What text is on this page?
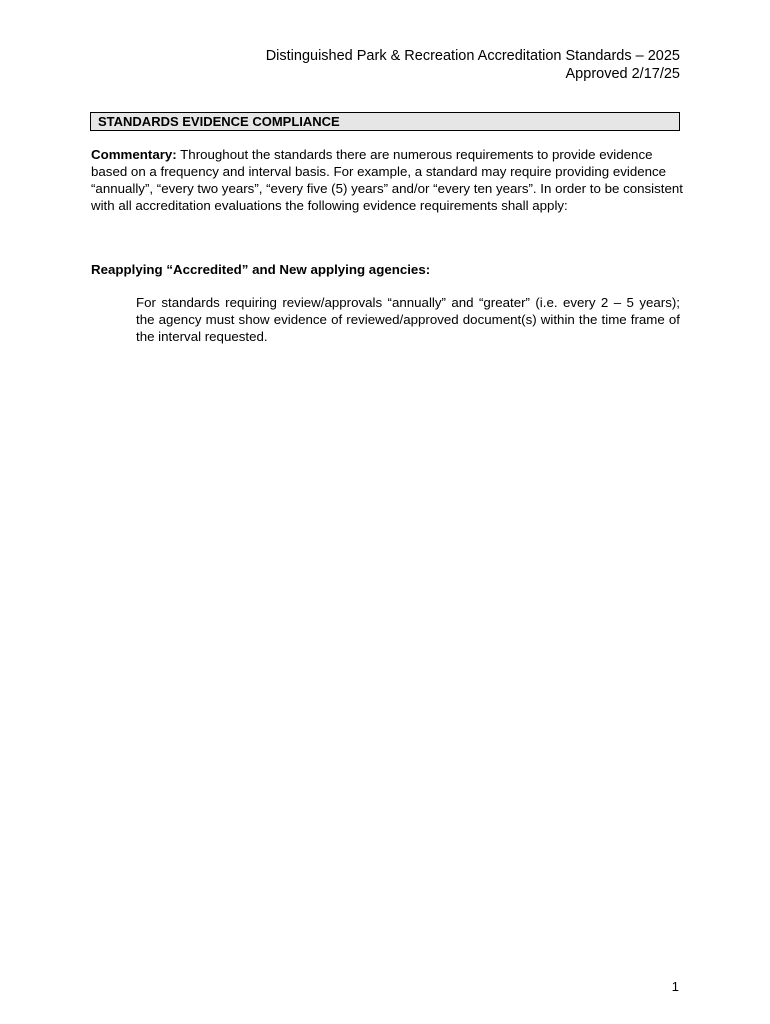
Distinguished Park & Recreation Accreditation Standards – 2025
Approved 2/17/25
STANDARDS EVIDENCE COMPLIANCE
Commentary: Throughout the standards there are numerous requirements to provide evidence based on a frequency and interval basis. For example, a standard may require providing evidence “annually”, “every two years”, “every five (5) years” and/or “every ten years”. In order to be consistent with all accreditation evaluations the following evidence requirements shall apply:
Reapplying “Accredited” and New applying agencies:
For standards requiring review/approvals “annually” and “greater” (i.e. every 2 – 5 years); the agency must show evidence of reviewed/approved document(s) within the time frame of the interval requested.
1
